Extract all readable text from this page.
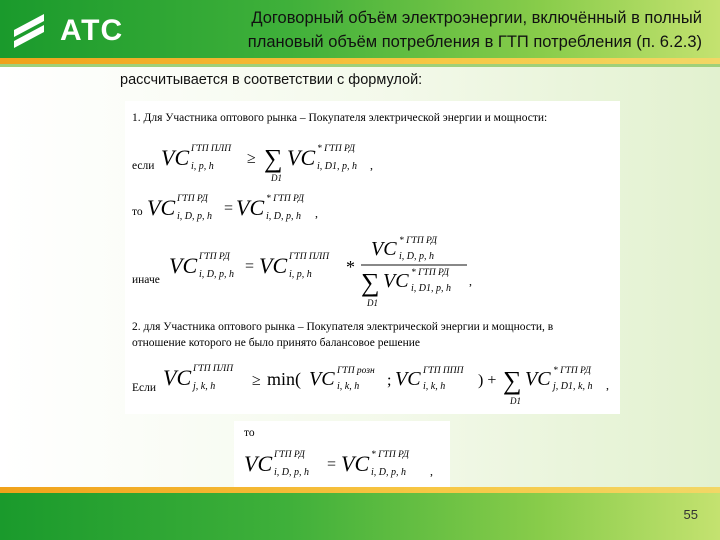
АТС	Договорный объём электроэнергии, включённый в полный
плановый объём потребления в ГТП потребления (п. 6.2.3)
рассчитывается в соответствии с формулой:
1. Для Участника оптового рынка – Покупателя электрической энергии и мощности:
если VC ГТП ПЛП
i, p, h ≥ ∑
D1
VC * ГТП РД
i, D1, p, h ,
то VC ГТП РД
i, D, p, h = VC * ГТП РД
i, D, p, h ,
иначе
VC ГТП РД
i, D, p, h = VC ГТП ПЛП
i, p, h *
VC * ГТП РД
i, D, p, h
∑
D1
VC * ГТП РД
i, D1, p, h
,
2. для Участника оптового рынка – Покупателя электрической энергии и мощности, в
отношение которого не было принято балансовое решение
Если VC ГТП ПЛП
j, k, h ≥ min( VC ГТП розн
i, k, h ; VC ГТП ППП
i, k, h ) + ∑
D1
VC * ГТП РД
j, D1, k, h ,
то
VC ГТП РД
i, D, p, h = VC * ГТП РД
i, D, p, h ,
55
